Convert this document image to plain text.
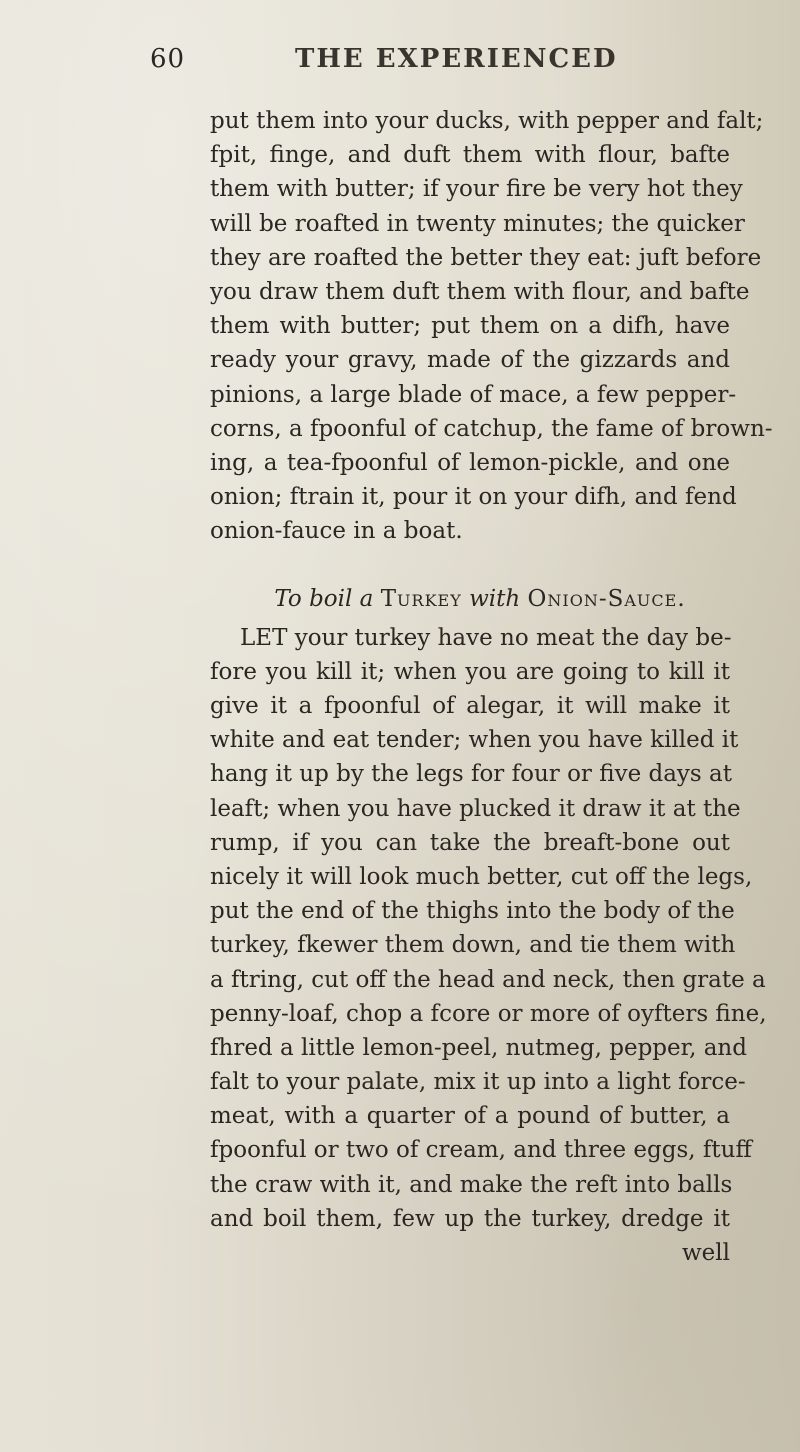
60	THE EXPERIENCED
put them into your ducks, with pepper and falt;
fpit, finge, and duft them with flour, bafte
them with butter; if your fire be very hot they
will be roafted in twenty minutes; the quicker
they are roafted the better they eat: juft before
you draw them duft them with flour, and bafte
them with butter; put them on a difh, have
ready your gravy, made of the gizzards and
pinions, a large blade of mace, a few pepper-
corns, a fpoonful of catchup, the fame of brown-
ing, a tea-fpoonful of lemon-pickle, and one
onion; ftrain it, pour it on your difh, and fend
onion-fauce in a boat.
To boil a Turkey with Onion-Sauce.
LET your turkey have no meat the day be-
fore you kill it; when you are going to kill it
give it a fpoonful of alegar, it will make it
white and eat tender; when you have killed it
hang it up by the legs for four or five days at
leaft; when you have plucked it draw it at the
rump, if you can take the breaft-bone out
nicely it will look much better, cut off the legs,
put the end of the thighs into the body of the
turkey, fkewer them down, and tie them with
a ftring, cut off the head and neck, then grate a
penny-loaf, chop a fcore or more of oyfters fine,
fhred a little lemon-peel, nutmeg, pepper, and
falt to your palate, mix it up into a light force-
meat, with a quarter of a pound of butter, a
fpoonful or two of cream, and three eggs, ftuff
the craw with it, and make the reft into balls
and boil them, few up the turkey, dredge it
well
